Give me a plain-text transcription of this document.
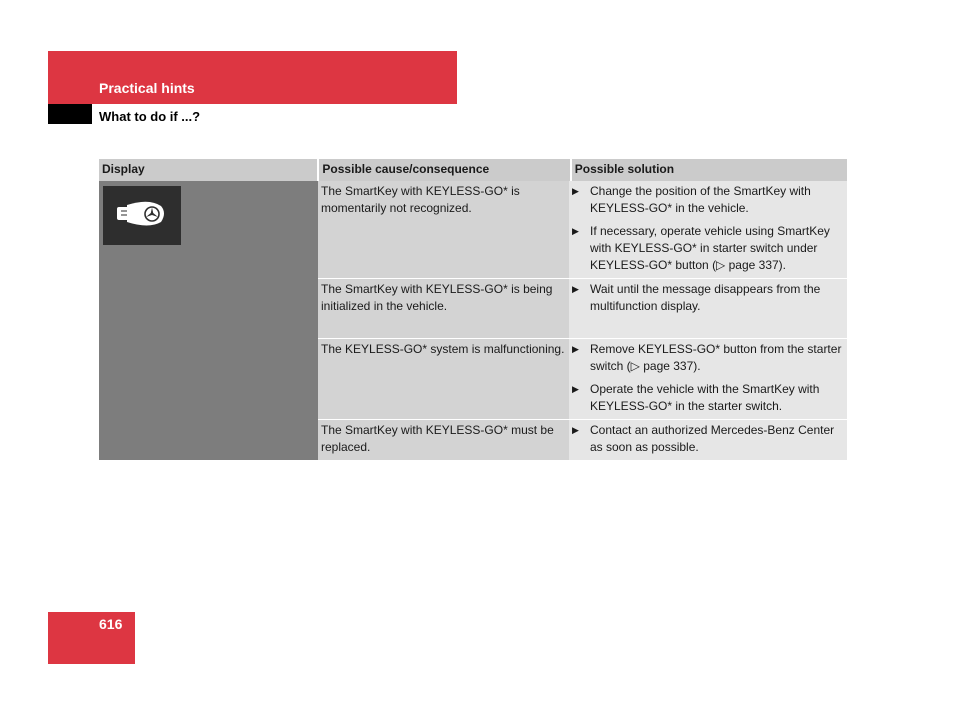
Practical hints
What to do if ...?
Display	Possible cause/consequence	Possible solution
The SmartKey with KEYLESS-GO* is momentarily not recognized.
▶ Change the position of the SmartKey with KEYLESS-GO* in the vehicle.
▶ If necessary, operate vehicle using SmartKey with KEYLESS-GO* in starter switch under KEYLESS-GO* button (▷ page 337).
The SmartKey with KEYLESS-GO* is being initialized in the vehicle.
▶ Wait until the message disappears from the multifunction display.
The KEYLESS-GO* system is malfunctioning. ▶ Remove KEYLESS-GO* button from the starter switch (▷ page 337).
▶ Operate the vehicle with the SmartKey with KEYLESS-GO* in the starter switch.
The SmartKey with KEYLESS-GO* must be replaced.
▶ Contact an authorized Mercedes-Benz Center as soon as possible.
616
